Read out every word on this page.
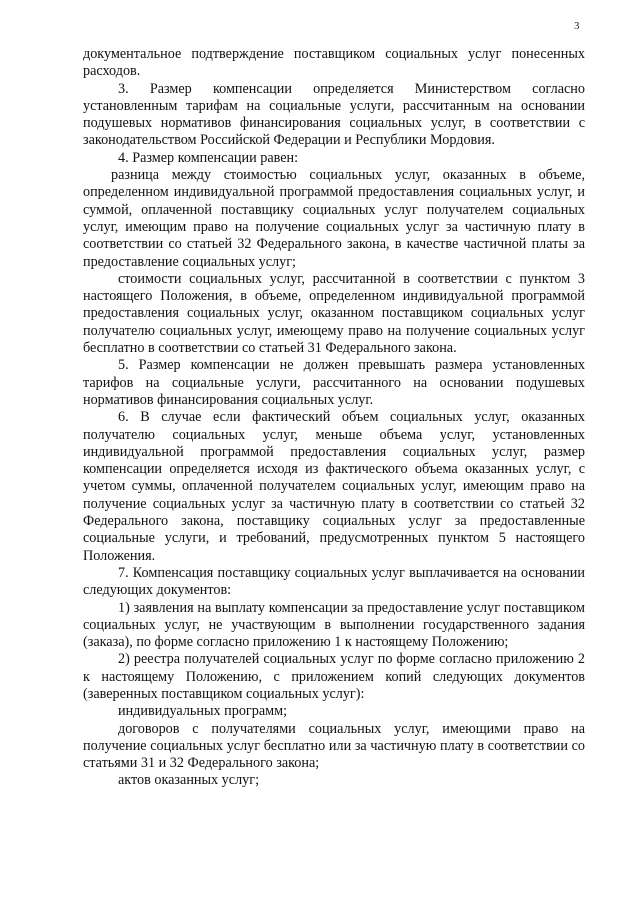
3

документальное подтверждение поставщиком социальных услуг понесенных расходов.

3. Размер компенсации определяется Министерством согласно установленным тарифам на социальные услуги, рассчитанным на основании подушевых нормативов финансирования социальных услуг, в соответствии с законодательством Российской Федерации и Республики Мордовия.

4. Размер компенсации равен:

разница между стоимостью социальных услуг, оказанных в объеме, определенном индивидуальной программой предоставления социальных услуг, и суммой, оплаченной поставщику социальных услуг получателем социальных услуг, имеющим право на получение социальных услуг за частичную плату в соответствии со статьей 32 Федерального закона, в качестве частичной платы за предоставление социальных услуг;

стоимости социальных услуг, рассчитанной в соответствии с пунктом 3 настоящего Положения, в объеме, определенном индивидуальной программой предоставления социальных услуг, оказанном поставщиком социальных услуг получателю социальных услуг, имеющему право на получение социальных услуг бесплатно в соответствии со статьей 31 Федерального закона.

5. Размер компенсации не должен превышать размера установленных тарифов на социальные услуги, рассчитанного на основании подушевых нормативов финансирования социальных услуг.

6. В случае если фактический объем социальных услуг, оказанных получателю социальных услуг, меньше объема услуг, установленных индивидуальной программой предоставления социальных услуг, размер компенсации определяется исходя из фактического объема оказанных услуг, с учетом суммы, оплаченной получателем социальных услуг, имеющим право на получение социальных услуг за частичную плату в соответствии со статьей 32 Федерального закона, поставщику социальных услуг за предоставленные социальные услуги, и требований, предусмотренных пунктом 5 настоящего Положения.

7. Компенсация поставщику социальных услуг выплачивается на основании следующих документов:

1) заявления на выплату компенсации за предоставление услуг поставщиком социальных услуг, не участвующим в выполнении государственного задания (заказа), по форме согласно приложению 1 к настоящему Положению;

2) реестра получателей социальных услуг по форме согласно приложению 2 к настоящему Положению, с приложением копий следующих документов (заверенных поставщиком социальных услуг):

индивидуальных программ;

договоров с получателями социальных услуг, имеющими право на получение социальных услуг бесплатно или за частичную плату в соответствии со статьями 31 и 32 Федерального закона;

актов оказанных услуг;
